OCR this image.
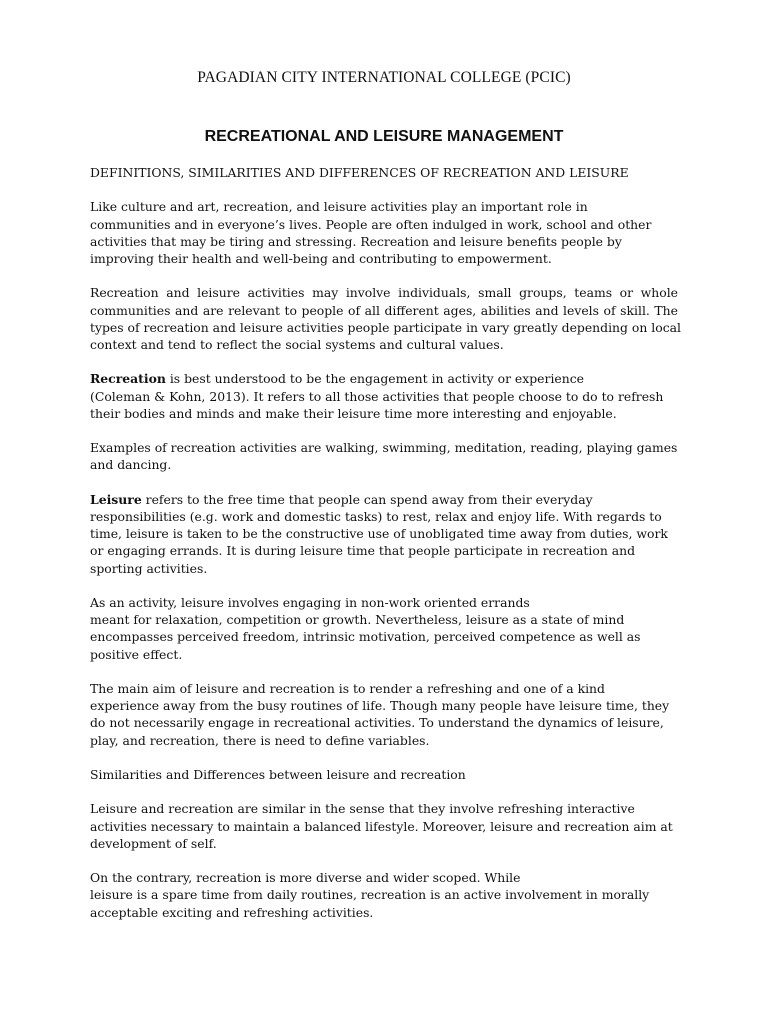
PAGADIAN CITY INTERNATIONAL COLLEGE (PCIC)
RECREATIONAL AND LEISURE MANAGEMENT

DEFINITIONS, SIMILARITIES AND DIFFERENCES OF RECREATION AND LEISURE

Like culture and art, recreation, and leisure activities play an important role in
communities and in everyone’s lives. People are often indulged in work, school and other
activities that may be tiring and stressing. Recreation and leisure benefits people by
improving their health and well-being and contributing to empowerment.

Recreation and leisure activities may involve individuals, small groups, teams or whole
communities and are relevant to people of all different ages, abilities and levels of skill. The
types of recreation and leisure activities people participate in vary greatly depending on local
context and tend to reflect the social systems and cultural values.

Recreation is best understood to be the engagement in activity or experience
(Coleman & Kohn, 2013). It refers to all those activities that people choose to do to refresh
their bodies and minds and make their leisure time more interesting and enjoyable.

Examples of recreation activities are walking, swimming, meditation, reading, playing games
and dancing.

Leisure refers to the free time that people can spend away from their everyday
responsibilities (e.g. work and domestic tasks) to rest, relax and enjoy life. With regards to
time, leisure is taken to be the constructive use of unobligated time away from duties, work
or engaging errands. It is during leisure time that people participate in recreation and
sporting activities.

As an activity, leisure involves engaging in non-work oriented errands
meant for relaxation, competition or growth. Nevertheless, leisure as a state of mind
encompasses perceived freedom, intrinsic motivation, perceived competence as well as
positive effect.

The main aim of leisure and recreation is to render a refreshing and one of a kind
experience away from the busy routines of life. Though many people have leisure time, they
do not necessarily engage in recreational activities. To understand the dynamics of leisure,
play, and recreation, there is need to define variables.

Similarities and Differences between leisure and recreation

Leisure and recreation are similar in the sense that they involve refreshing interactive
activities necessary to maintain a balanced lifestyle. Moreover, leisure and recreation aim at
development of self.

On the contrary, recreation is more diverse and wider scoped. While
leisure is a spare time from daily routines, recreation is an active involvement in morally
acceptable exciting and refreshing activities.
